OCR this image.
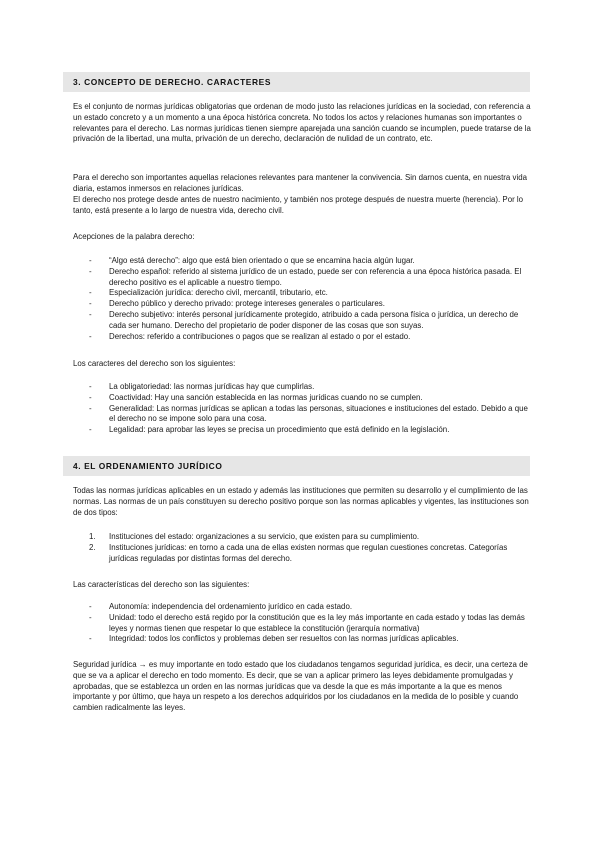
3. CONCEPTO DE DERECHO. CARACTERES

Es el conjunto de normas jurídicas obligatorias que ordenan de modo justo las relaciones jurídicas en la sociedad, con referencia a un estado concreto y a un momento a una época histórica concreta. No todos los actos y relaciones humanas son importantes o relevantes para el derecho. Las normas jurídicas tienen siempre aparejada una sanción cuando se incumplen, puede tratarse de la privación de la libertad, una multa, privación de un derecho, declaración de nulidad de un contrato, etc.

Para el derecho son importantes aquellas relaciones relevantes para mantener la convivencia. Sin darnos cuenta, en nuestra vida diaria, estamos inmersos en relaciones jurídicas.

El derecho nos protege desde antes de nuestro nacimiento, y también nos protege después de nuestra muerte (herencia). Por lo tanto, está presente a lo largo de nuestra vida, derecho civil.

Acepciones de la palabra derecho:

- “Algo está derecho”: algo que está bien orientado o que se encamina hacia algún lugar.
- Derecho español: referido al sistema jurídico de un estado, puede ser con referencia a una época histórica pasada. El derecho positivo es el aplicable a nuestro tiempo.
- Especialización jurídica: derecho civil, mercantil, tributario, etc.
- Derecho público y derecho privado: protege intereses generales o particulares.
- Derecho subjetivo: interés personal jurídicamente protegido, atribuido a cada persona física o jurídica, un derecho de cada ser humano. Derecho del propietario de poder disponer de las cosas que son suyas.
- Derechos: referido a contribuciones o pagos que se realizan al estado o por el estado.

Los caracteres del derecho son los siguientes:

- La obligatoriedad: las normas jurídicas hay que cumplirlas.
- Coactividad: Hay una sanción establecida en las normas jurídicas cuando no se cumplen.
- Generalidad: Las normas jurídicas se aplican a todas las personas, situaciones e instituciones del estado. Debido a que el derecho no se impone solo para una cosa.
- Legalidad: para aprobar las leyes se precisa un procedimiento que está definido en la legislación.
4. EL ORDENAMIENTO JURÍDICO

Todas las normas jurídicas aplicables en un estado y además las instituciones que permiten su desarrollo y el cumplimiento de las normas. Las normas de un país constituyen su derecho positivo porque son las normas aplicables y vigentes, las instituciones son de dos tipos:

1. Instituciones del estado: organizaciones a su servicio, que existen para su cumplimiento.
2. Instituciones jurídicas: en torno a cada una de ellas existen normas que regulan cuestiones concretas. Categorías jurídicas reguladas por distintas formas del derecho.

Las características del derecho son las siguientes:

- Autonomía: independencia del ordenamiento jurídico en cada estado.
- Unidad: todo el derecho está regido por la constitución que es la ley más importante en cada estado y todas las demás leyes y normas tienen que respetar lo que establece la constitución (jerarquía normativa)
- Integridad: todos los conflictos y problemas deben ser resueltos con las normas jurídicas aplicables.

Seguridad jurídica → es muy importante en todo estado que los ciudadanos tengamos seguridad jurídica, es decir, una certeza de que se va a aplicar el derecho en todo momento. Es decir, que se van a aplicar primero las leyes debidamente promulgadas y aprobadas, que se establezca un orden en las normas jurídicas que va desde la que es más importante a la que es menos importante y por último, que haya un respeto a los derechos adquiridos por los ciudadanos en la medida de lo posible y cuando cambien radicalmente las leyes.
